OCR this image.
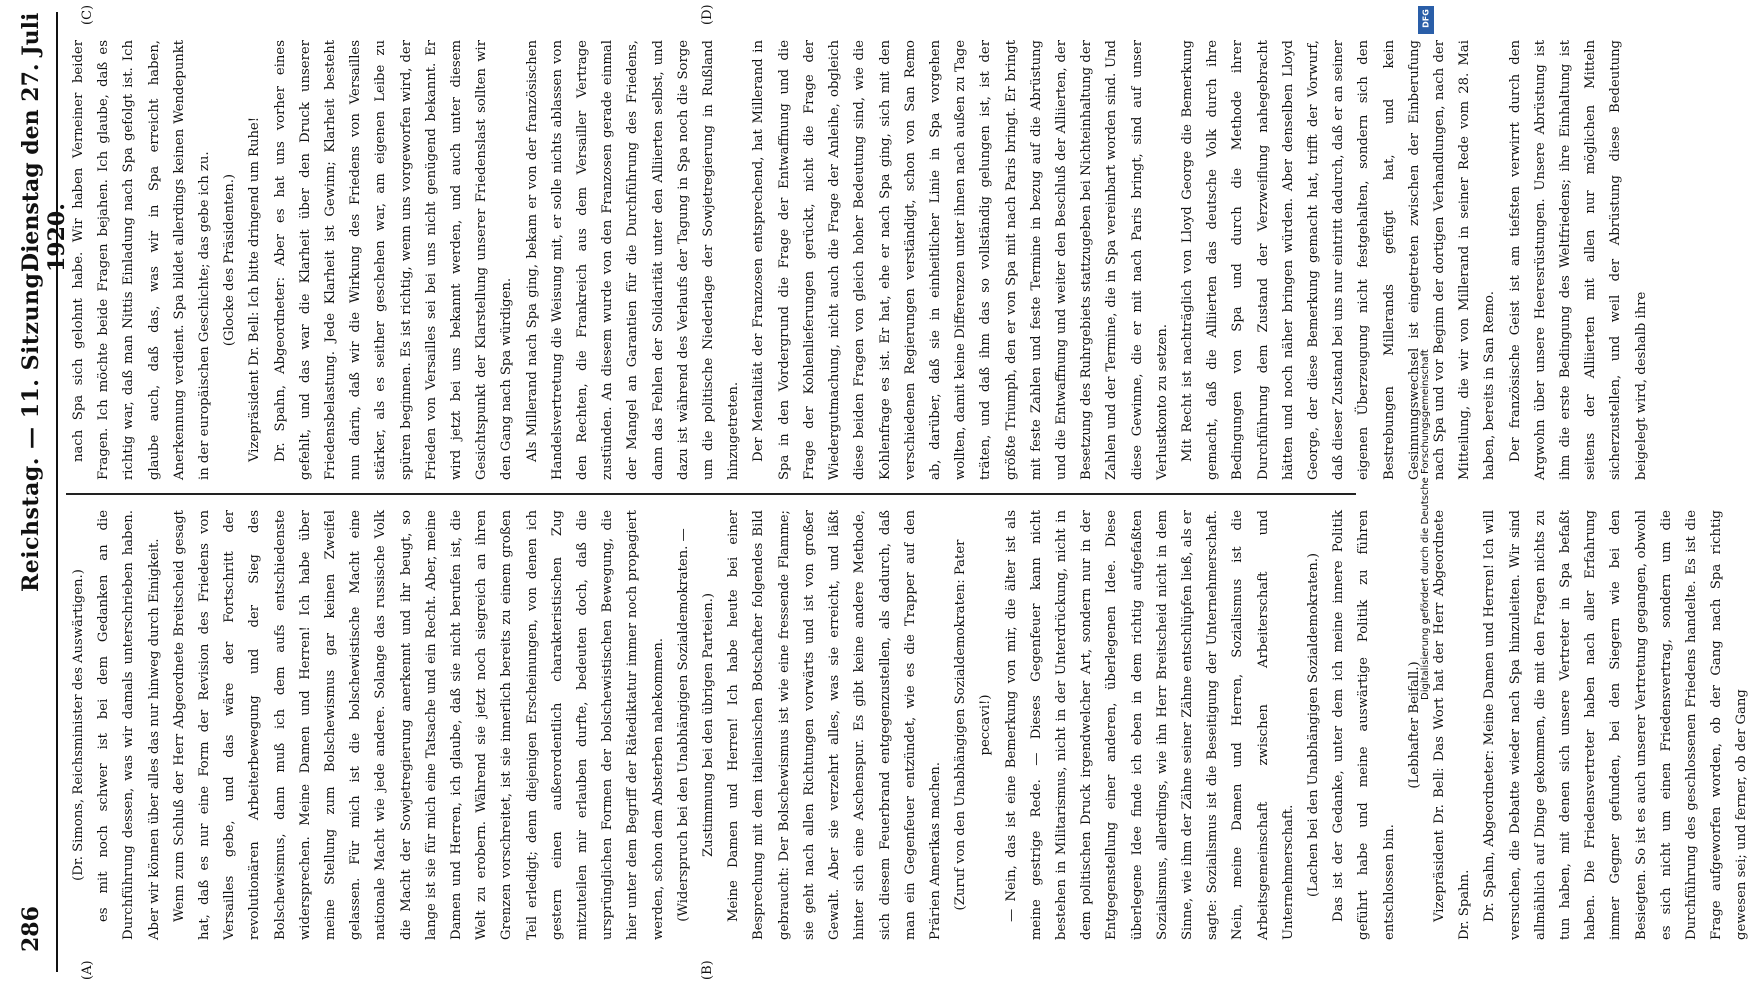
286
Reichstag. — 11. Sitzung.
Dienstag den 27. Juli 1920.
(A)	(B)
(C)	(D)

(Dr. Simons, Reichsminister des Auswärtigen.) es mit noch schwer ist bei dem Gedanken an die Durchführung dessen, was wir damals unterschrieben haben. Aber wir können über alles das nur hinweg durch Einigkeit. Wenn zum Schluß der Herr Abgeordnete Breitscheid gesagt hat, daß es nur eine Form der Revision des Friedens von Versailles gebe, und das wäre der Fortschritt der revolutionären Arbeiterbewegung und der Sieg des Bolschewismus, dann muß ich dem aufs entschiedenste widersprechen. Meine Damen und Herren! Ich habe über meine Stellung zum Bolschewismus gar keinen Zweifel gelassen. Für mich ist die bolschewistische Macht eine nationale Macht wie jede andere. Solange das russische Volk die Macht der Sowjetregierung anerkennt und ihr beugt, so lange ist sie für mich eine Tatsache und ein Recht. Aber, meine Damen und Herren, ich glaube, daß sie nicht berufen ist, die Welt zu erobern. Während sie jetzt noch siegreich an ihren Grenzen vorschreitet, ist sie innerlich bereits zu einem großen Teil erledigt; denn diejenigen Erscheinungen, von denen ich gestern einen außerordentlich charakteristischen Zug mitzuteilen mir erlauben durfte, bedeuten doch, daß die ursprünglichen Formen der bolschewistischen Bewegung, die hier unter dem Begriff der Rätediktatur immer noch propagiert werden, schon dem Absterben nahekommen. (Widerspruch bei den Unabhängigen Sozialdemokraten. — Zustimmung bei den übrigen Parteien.) Meine Damen und Herren! Ich habe heute bei einer Besprechung mit dem italienischen Botschafter folgendes Bild gebraucht: Der Bolschewismus ist wie eine fressende Flamme; sie geht nach allen Richtungen vorwärts und ist von großer Gewalt. Aber sie verzehrt alles, was sie erreicht, und läßt hinter sich eine Aschenspur. Es gibt keine andere Methode, sich diesem Feuerbrand entgegenzustellen, als dadurch, daß man ein Gegenfeuer entzündet, wie es die Trapper auf den Prärien Amerikas machen. (Zuruf von den Unabhängigen Sozialdemokraten: Pater peccavi!) — Nein, das ist eine Bemerkung von mir, die älter ist als meine gestrige Rede. — Dieses Gegenfeuer kann nicht bestehen in Militarismus, nicht in der Unterdrückung, nicht in dem politischen Druck irgendwelcher Art, sondern nur in der Entgegenstellung einer anderen, überlegenen Idee. Diese überlegene Idee finde ich eben in dem richtig aufgefaßten Sozialismus, allerdings, wie ihn Herr Breitscheid nicht in dem Sinne, wie ihm der Zähne seiner Zähne entschlüpfen ließ, als er sagte: Sozialismus ist die Beseitigung der Unternehmerschaft. Nein, meine Damen und Herren, Sozialismus ist die Arbeitsgemeinschaft zwischen Arbeiterschaft und Unternehmerschaft. (Lachen bei den Unabhängigen Sozialdemokraten.) Das ist der Gedanke, unter dem ich meine innere Politik geführt habe und meine auswärtige Politik zu führen entschlossen bin.

(Lebhafter Beifall.) Vizepräsident Dr. Bell: Das Wort hat der Herr Abgeordnete Dr. Spahn. Dr. Spahn, Abgeordneter: Meine Damen und Herren! Ich will versuchen, die Debatte wieder nach Spa hinzuleiten. Wir sind allmählich auf Dinge gekommen, die mit den Fragen nichts zu tun haben, mit denen sich unsere Vertreter in Spa befaßt haben. Die Friedensvertreter haben nach aller Erfahrung immer Gegner gefunden, bei den Siegern wie bei den Besiegten. So ist es auch unserer Vertretung gegangen, obwohl es sich nicht um einen Friedensvertrag, sondern um die Durchführung des geschlossenen Friedens handelte. Es ist die Frage aufgeworfen worden, ob der Gang nach Spa richtig gewesen sei; und ferner, ob der Gang

nach Spa sich gelohnt habe. Wir haben Verneiner beider Fragen. Ich möchte beide Fragen bejahen. Ich glaube, daß es richtig war, daß man Nittis Einladung nach Spa gefolgt ist. Ich glaube auch, daß das, was wir in Spa erreicht haben, Anerkennung verdient. Spa bildet allerdings keinen Wendepunkt in der europäischen Geschichte; das gebe ich zu. (Glocke des Präsidenten.) Vizepräsident Dr. Bell: Ich bitte dringend um Ruhe! Dr. Spahn, Abgeordneter: Aber es hat uns vorher eines gefehlt, und das war die Klarheit über den Druck unserer Friedensbelastung. Jede Klarheit ist Gewinn; Klarheit besteht nun darin, daß wir die Wirkung des Friedens von Versailles stärker, als es seither geschehen war, am eigenen Leibe zu spüren beginnen. Es ist richtig, wenn uns vorgeworfen wird, der Frieden von Versailles sei bei uns nicht genügend bekannt. Er wird jetzt bei uns bekannt werden, und auch unter diesem Gesichtspunkt der Klarstellung unserer Friedenslast sollten wir den Gang nach Spa würdigen. Als Millerand nach Spa ging, bekam er von der französischen Handelsvertretung die Weisung mit, er solle nichts ablassen von den Rechten, die Frankreich aus dem Versailler Vertrage zustünden. An diesem wurde von den Franzosen gerade einmal der Mangel an Garantien für die Durchführung des Friedens, dann das Fehlen der Solidarität unter den Alliierten selbst, und dazu ist während des Verlaufs der Tagung in Spa noch die Sorge um die politische Niederlage der Sowjetregierung in Rußland hinzugetreten. Der Mentalität der Franzosen entsprechend, hat Millerand in Spa in den Vordergrund die Frage der Entwaffnung und die Frage der Kohlenlieferungen gerückt, nicht die Frage der Wiedergutmachung, nicht auch die Frage der Anleihe, obgleich diese beiden Fragen von gleich hoher Bedeutung sind, wie die Kohlenfrage es ist. Er hat, ehe er nach Spa ging, sich mit den verschiedenen Regierungen verständigt, schon von San Remo ab, darüber, daß sie in einheitlicher Linie in Spa vorgehen wollten, damit keine Differenzen unter ihnen nach außen zu Tage träten, und daß ihm das so vollständig gelungen ist, ist der größte Triumph, den er von Spa mit nach Paris bringt. Er bringt mit feste Zahlen und feste Termine in bezug auf die Abrüstung und die Entwaffnung und weiter den Beschluß der Alliierten, der Besetzung des Ruhrgebiets stattzugeben bei Nichteinhaltung der Zahlen und der Termine, die in Spa vereinbart worden sind. Und diese Gewinne, die er mit nach Paris bringt, sind auf unser Verlustkonto zu setzen. Mit Recht ist nachträglich von Lloyd George die Bemerkung gemacht, daß die Alliierten das deutsche Volk durch ihre Bedingungen von Spa und durch die Methode ihrer Durchführung dem Zustand der Verzweiflung nahegebracht hätten und noch näher bringen würden. Aber denselben Lloyd George, der diese Bemerkung gemacht hat, trifft der Vorwurf, daß dieser Zustand bei uns nur eintritt dadurch, daß er an seiner eigenen Überzeugung nicht festgehalten, sondern sich den Bestrebungen Millerands gefügt hat, und kein Gesinnungswechsel ist eingetreten zwischen der Einberufung nach Spa und vor Beginn der dortigen Verhandlungen, nach der Mitteilung, die wir von Millerand in seiner Rede vom 28. Mai haben, bereits in San Remo. Der französische Geist ist am tiefsten verwirrt durch den Argwohn über unsere Heeresrüstungen. Unsere Abrüstung ist ihm die erste Bedingung des Weltfriedens; ihre Einhaltung ist seitens der Alliierten mit allen nur möglichen Mitteln sicherzustellen, und weil der Abrüstung diese Bedeutung beigelegt wird, deshalb ihre

Digitalisierung gefördert durch die Deutsche Forschungsgemeinschaft
DFG
